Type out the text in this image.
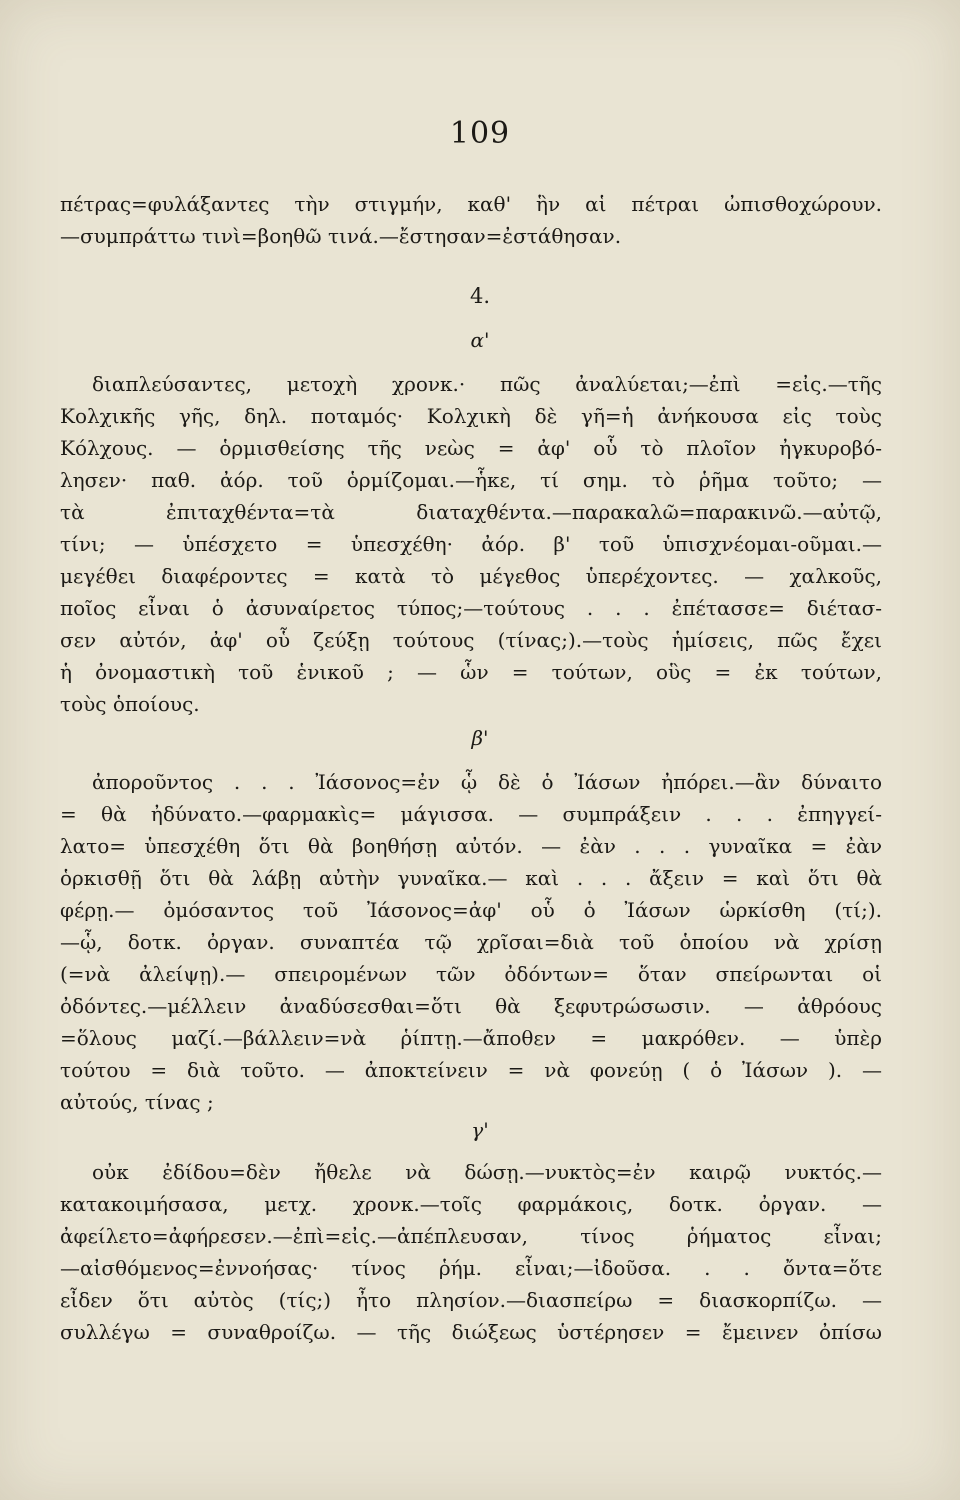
109
πέτρας=φυλάξαντες τὴν στιγμήν, καθ' ἣν αἱ πέτραι ὠπισθοχώρουν.
—συμπράττω τινὶ=βοηθῶ τινά.—ἔστησαν=ἐστάθησαν.
4.
α'
διαπλεύσαντες, μετοχὴ χρονκ.· πῶς ἀναλύεται;—ἐπὶ =εἰς.—τῆς
Κολχικῆς γῆς, δηλ. ποταμός· Κολχικὴ δὲ γῆ=ἡ ἀνήκουσα εἰς τοὺς
Κόλχους. — ὁρμισθείσης τῆς νεὼς = ἀφ' οὗ τὸ πλοῖον ἠγκυροβό-
λησεν· παθ. ἀόρ. τοῦ ὁρμίζομαι.—ἧκε, τί σημ. τὸ ῥῆμα τοῦτο; —
τὰ ἐπιταχθέντα=τὰ διαταχθέντα.—παρακαλῶ=παρακινῶ.—αὐτῷ,
τίνι; — ὑπέσχετο = ὑπεσχέθη· ἀόρ. β' τοῦ ὑπισχνέομαι-οῦμαι.—
μεγέθει διαφέροντες = κατὰ τὸ μέγεθος ὑπερέχοντες. — χαλκοῦς,
ποῖος εἶναι ὁ ἀσυναίρετος τύπος;—τούτους . . . ἐπέτασσε= διέτασ-
σεν αὐτόν, ἀφ' οὗ ζεύξῃ τούτους (τίνας;).—τοὺς ἡμίσεις, πῶς ἔχει
ἡ ὀνομαστικὴ τοῦ ἑνικοῦ ; — ὧν = τούτων, οὓς = ἐκ τούτων,
τοὺς ὁποίους.
β'
ἀποροῦντος . . . Ἰάσονος=ἐν ᾧ δὲ ὁ Ἰάσων ἠπόρει.—ἂν δύναιτο
= θὰ ἠδύνατο.—φαρμακὶς= μάγισσα. — συμπράξειν . . . ἐπηγγεί-
λατο= ὑπεσχέθη ὅτι θὰ βοηθήσῃ αὐτόν. — ἐὰν . . . γυναῖκα = ἐὰν
ὁρκισθῇ ὅτι θὰ λάβῃ αὐτὴν γυναῖκα.— καὶ . . . ἄξειν = καὶ ὅτι θὰ
φέρῃ.— ὀμόσαντος τοῦ Ἰάσονος=ἀφ' οὗ ὁ Ἰάσων ὡρκίσθη (τί;).
—ᾧ, δοτκ. ὀργαν. συναπτέα τῷ χρῖσαι=διὰ τοῦ ὁποίου νὰ χρίσῃ
(=νὰ ἀλείψῃ).— σπειρομένων τῶν ὀδόντων= ὅταν σπείρωνται οἱ
ὀδόντες.—μέλλειν ἀναδύσεσθαι=ὅτι θὰ ξεφυτρώσωσιν. — ἀθρόους
=ὅλους μαζί.—βάλλειν=νὰ ῥίπτῃ.—ἄποθεν = μακρόθεν. — ὑπὲρ
τούτου = διὰ τοῦτο. — ἀποκτείνειν = νὰ φονεύῃ ( ὁ Ἰάσων ). —
αὐτούς, τίνας ;
γ'
οὐκ ἐδίδου=δὲν ἤθελε νὰ δώσῃ.—νυκτὸς=ἐν καιρῷ νυκτός.—
κατακοιμήσασα, μετχ. χρονκ.—τοῖς φαρμάκοις, δοτκ. ὀργαν. —
ἀφείλετο=ἀφήρεσεν.—ἐπὶ=εἰς.—ἀπέπλευσαν, τίνος ῥήματος εἶναι;
—αἰσθόμενος=ἐννοήσας· τίνος ῥήμ. εἶναι;—ἰδοῦσα. . . ὄντα=ὅτε
εἶδεν ὅτι αὐτὸς (τίς;) ἦτο πλησίον.—διασπείρω = διασκορπίζω. —
συλλέγω = συναθροίζω. — τῆς διώξεως ὑστέρησεν = ἔμεινεν ὀπίσω
